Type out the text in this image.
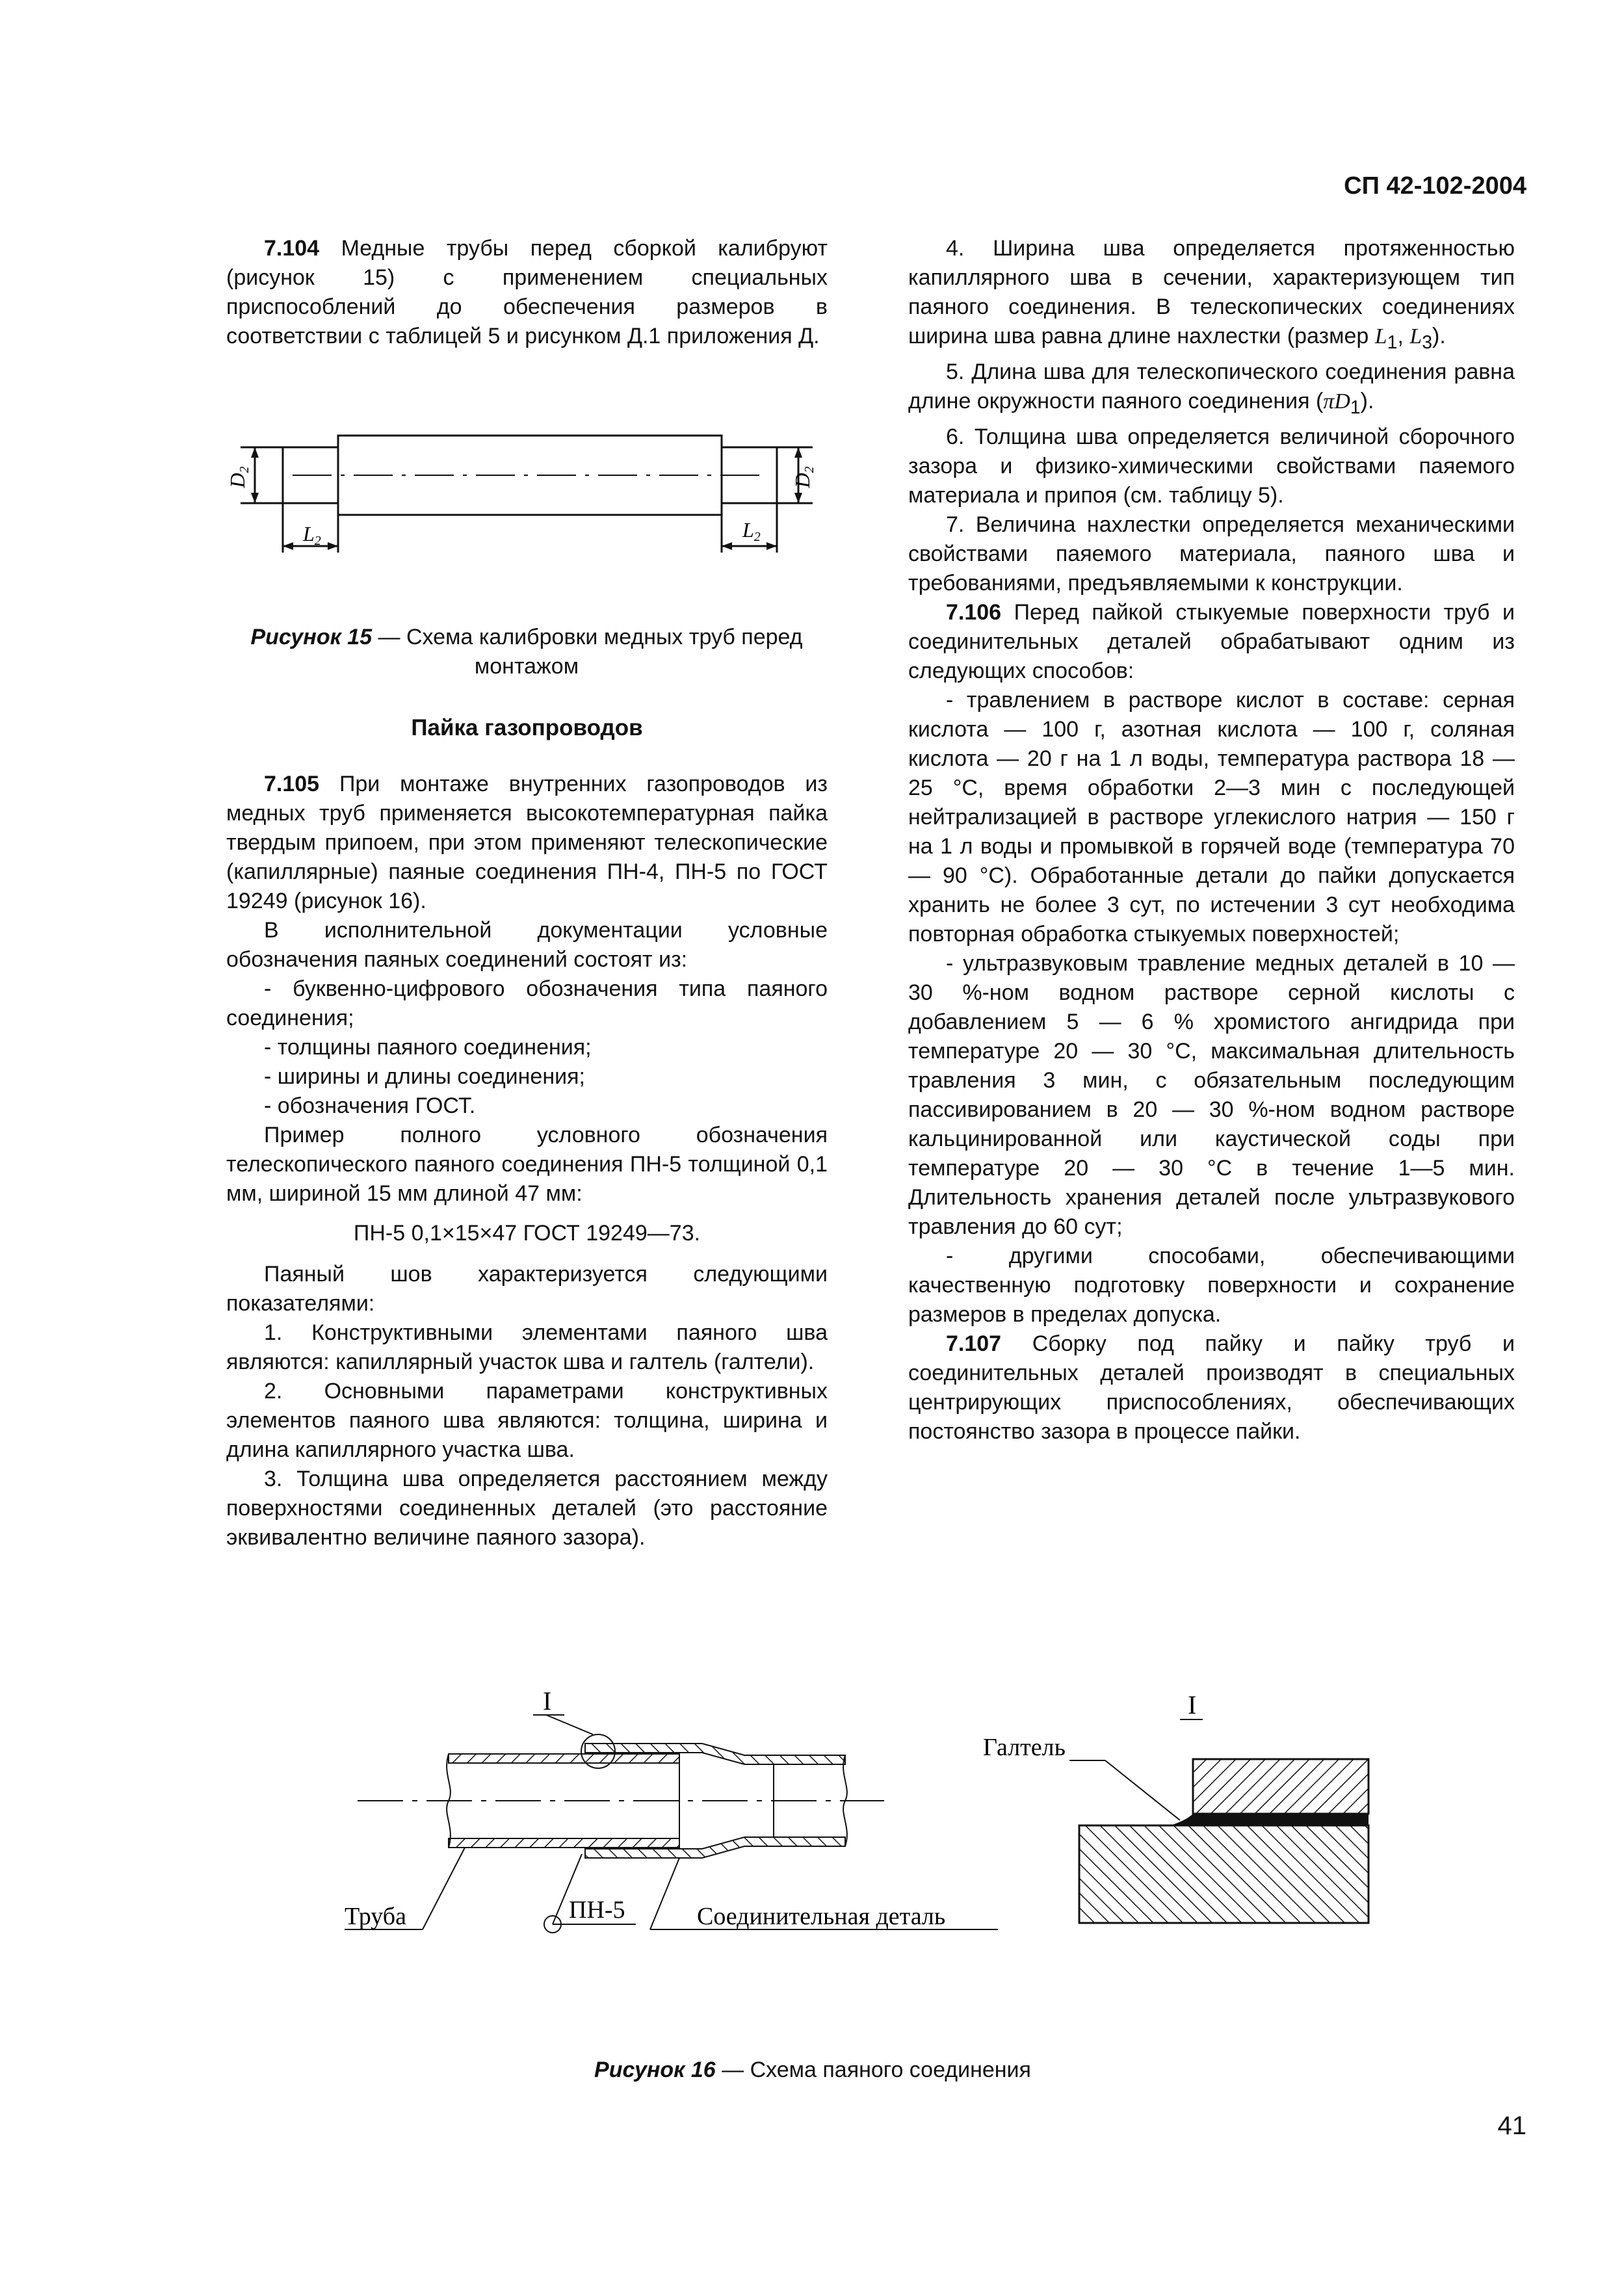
СП 42-102-2004

7.104 Медные трубы перед сборкой калибруют (рисунок 15) с применением специальных приспособлений до обеспечения размеров в соответствии с таблицей 5 и рисунком Д.1 приложения Д.

D2
D2
L2	L2
Рисунок 15 — Схема калибровки медных труб перед монтажом

Пайка газопроводов

7.105 При монтаже внутренних газопроводов из медных труб применяется высокотемпературная пайка твердым припоем, при этом применяют телескопические (капиллярные) паяные соединения ПН-4, ПН-5 по ГОСТ 19249 (рисунок 16).

В исполнительной документации условные обозначения паяных соединений состоят из:

- буквенно-цифрового обозначения типа паяного соединения;

- толщины паяного соединения;

- ширины и длины соединения;

- обозначения ГОСТ.

Пример полного условного обозначения телескопического паяного соединения ПН-5 толщиной 0,1 мм, шириной 15 мм длиной 47 мм:

ПН-5 0,1×15×47 ГОСТ 19249—73.

Паяный шов характеризуется следующими показателями:

1. Конструктивными элементами паяного шва являются: капиллярный участок шва и галтель (галтели).

2. Основными параметрами конструктивных элементов паяного шва являются: толщина, ширина и длина капиллярного участка шва.

3. Толщина шва определяется расстоянием между поверхностями соединенных деталей (это расстояние эквивалентно величине паяного зазора).

4. Ширина шва определяется протяженностью капиллярного шва в сечении, характеризующем тип паяного соединения. В телескопических соединениях ширина шва равна длине нахлестки (размер $L_1$, $L_3$).

5. Длина шва для телескопического соединения равна длине окружности паяного соединения $(\pi D_1)$.

6. Толщина шва определяется величиной сборочного зазора и физико-химическими свойствами паяемого материала и припоя (см. таблицу 5).

7. Величина нахлестки определяется механическими свойствами паяемого материала, паяного шва и требованиями, предъявляемыми к конструкции.

7.106 Перед пайкой стыкуемые поверхности труб и соединительных деталей обрабатывают одним из следующих способов:

- травлением в растворе кислот в составе: серная кислота — 100 г, азотная кислота — 100 г, соляная кислота — 20 г на 1 л воды, температура раствора 18 — 25 °С, время обработки 2—3 мин с последующей нейтрализацией в растворе углекислого натрия — 150 г на 1 л воды и промывкой в горячей воде (температура 70 — 90 °С). Обработанные детали до пайки допускается хранить не более 3 сут, по истечении 3 сут необходима повторная обработка стыкуемых поверхностей;

- ультразвуковым травление медных деталей в 10 — 30 %-ном водном растворе серной кислоты с добавлением 5 — 6 % хромистого ангидрида при температуре 20 — 30 °С, максимальная длительность травления 3 мин, с обязательным последующим пассивированием в 20 — 30 %-ном водном растворе кальцинированной или каустической соды при температуре 20 — 30 °С в течение 1—5 мин. Длительность хранения деталей после ультразвукового травления до 60 сут;

- другими способами, обеспечивающими качественную подготовку поверхности и сохранение размеров в пределах допуска.

7.107 Сборку под пайку и пайку труб и соединительных деталей производят в специальных центрирующих приспособлениях, обеспечивающих постоянство зазора в процессе пайки.

I
Труба	ПН-5	Соединительная деталь
I
Галтель
Рисунок 16 — Схема паяного соединения
41
